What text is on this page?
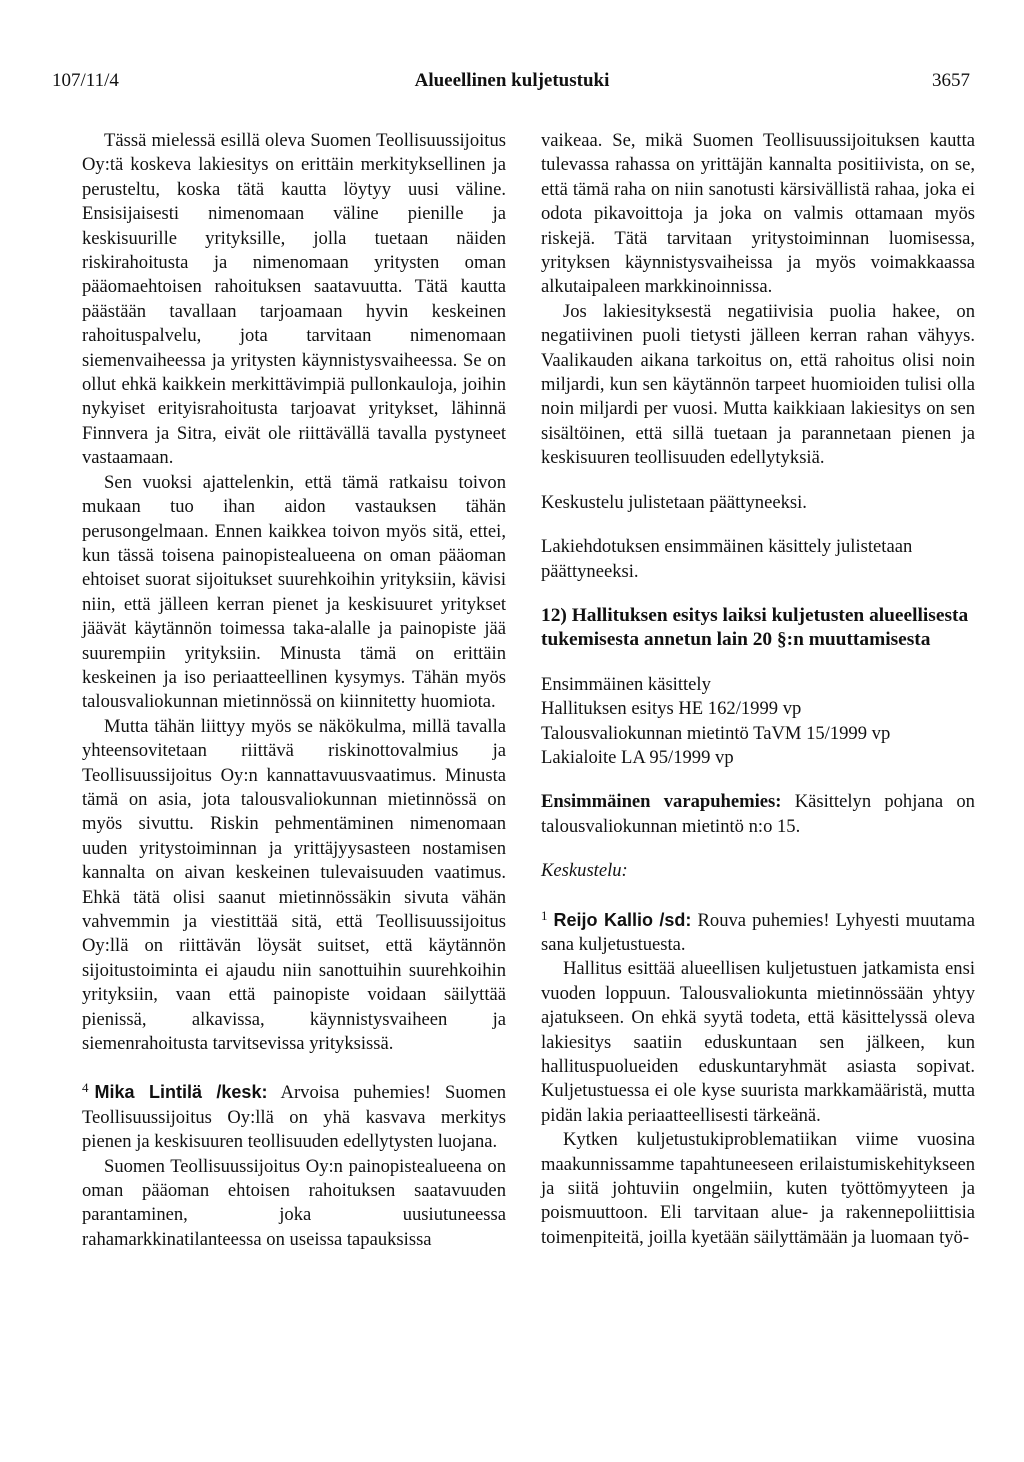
107/11/4	Alueellinen kuljetustuki	3657

Tässä mielessä esillä oleva Suomen Teollisuussijoitus Oy:tä koskeva lakiesitys on erittäin merkityksellinen ja perusteltu, koska tätä kautta löytyy uusi väline. Ensisijaisesti nimenomaan väline pienille ja keskisuurille yrityksille, jolla tuetaan näiden riskirahoitusta ja nimenomaan yritysten oman pääomaehtoisen rahoituksen saatavuutta. Tätä kautta päästään tavallaan tarjoamaan hyvin keskeinen rahoituspalvelu, jota tarvitaan nimenomaan siemenvaiheessa ja yritysten käynnistysvaiheessa. Se on ollut ehkä kaikkein merkittävimpiä pullonkauloja, joihin nykyiset erityisrahoitusta tarjoavat yritykset, lähinnä Finnvera ja Sitra, eivät ole riittävällä tavalla pystyneet vastaamaan.

Sen vuoksi ajattelenkin, että tämä ratkaisu toivon mukaan tuo ihan aidon vastauksen tähän perusongelmaan. Ennen kaikkea toivon myös sitä, ettei, kun tässä toisena painopistealueena on oman pääoman ehtoiset suorat sijoitukset suurehkoihin yrityksiin, kävisi niin, että jälleen kerran pienet ja keskisuuret yritykset jäävät käytännön toimessa taka-alalle ja painopiste jää suurempiin yrityksiin. Minusta tämä on erittäin keskeinen ja iso periaatteellinen kysymys. Tähän myös talousvaliokunnan mietinnössä on kiinnitetty huomiota.

Mutta tähän liittyy myös se näkökulma, millä tavalla yhteensovitetaan riittävä riskinottovalmius ja Teollisuussijoitus Oy:n kannattavuusvaatimus. Minusta tämä on asia, jota talousvaliokunnan mietinnössä on myös sivuttu. Riskin pehmentäminen nimenomaan uuden yritystoiminnan ja yrittäjyysasteen nostamisen kannalta on aivan keskeinen tulevaisuuden vaatimus. Ehkä tätä olisi saanut mietinnössäkin sivuta vähän vahvemmin ja viestittää sitä, että Teollisuussijoitus Oy:llä on riittävän löysät suitset, että käytännön sijoitustoiminta ei ajaudu niin sanottuihin suurehkoihin yrityksiin, vaan että painopiste voidaan säilyttää pienissä, alkavissa, käynnistysvaiheen ja siemenrahoitusta tarvitsevissa yrityksissä.

$^4$ Mika Lintilä /kesk: Arvoisa puhemies! Suomen Teollisuussijoitus Oy:llä on yhä kasvava merkitys pienen ja keskisuuren teollisuuden edellytysten luojana.

Suomen Teollisuussijoitus Oy:n painopistealueena on oman pääoman ehtoisen rahoituksen saatavuuden parantaminen, joka uusiutuneessa rahamarkkinatilanteessa on useissa tapauksissa

vaikeaa. Se, mikä Suomen Teollisuussijoituksen kautta tulevassa rahassa on yrittäjän kannalta positiivista, on se, että tämä raha on niin sanotusti kärsivällistä rahaa, joka ei odota pikavoittoja ja joka on valmis ottamaan myös riskejä. Tätä tarvitaan yritystoiminnan luomisessa, yrityksen käynnistysvaiheissa ja myös voimakkaassa alkutaipaleen markkinoinnissa.

Jos lakiesityksestä negatiivisia puolia hakee, on negatiivinen puoli tietysti jälleen kerran rahan vähyys. Vaalikauden aikana tarkoitus on, että rahoitus olisi noin miljardi, kun sen käytännön tarpeet huomioiden tulisi olla noin miljardi per vuosi. Mutta kaikkiaan lakiesitys on sen sisältöinen, että sillä tuetaan ja parannetaan pienen ja keskisuuren teollisuuden edellytyksiä.

Keskustelu julistetaan päättyneeksi.

Lakiehdotuksen ensimmäinen käsittely julistetaan päättyneeksi.

12) Hallituksen esitys laiksi kuljetusten alueellisesta tukemisesta annetun lain 20 §:n muuttamisesta

Ensimmäinen käsittely
Hallituksen esitys HE 162/1999 vp
Talousvaliokunnan mietintö TaVM 15/1999 vp
Lakialoite LA 95/1999 vp

Ensimmäinen varapuhemies: Käsittelyn pohjana on talousvaliokunnan mietintö n:o 15.

Keskustelu:

$^1$ Reijo Kallio /sd: Rouva puhemies! Lyhyesti muutama sana kuljetustuesta.

Hallitus esittää alueellisen kuljetustuen jatkamista ensi vuoden loppuun. Talousvaliokunta mietinnössään yhtyy ajatukseen. On ehkä syytä todeta, että käsittelyssä oleva lakiesitys saatiin eduskuntaan sen jälkeen, kun hallituspuolueiden eduskuntaryhmät asiasta sopivat. Kuljetustuessa ei ole kyse suurista markkamääristä, mutta pidän lakia periaatteellisesti tärkeänä.

Kytken kuljetustukiproblematiikan viime vuosina maakunnissamme tapahtuneeseen erilaistumiskehitykseen ja siitä johtuviin ongelmiin, kuten työttömyyteen ja poismuuttoon. Eli tarvitaan alue- ja rakennepoliittisia toimenpiteitä, joilla kyetään säilyttämään ja luomaan työ-
